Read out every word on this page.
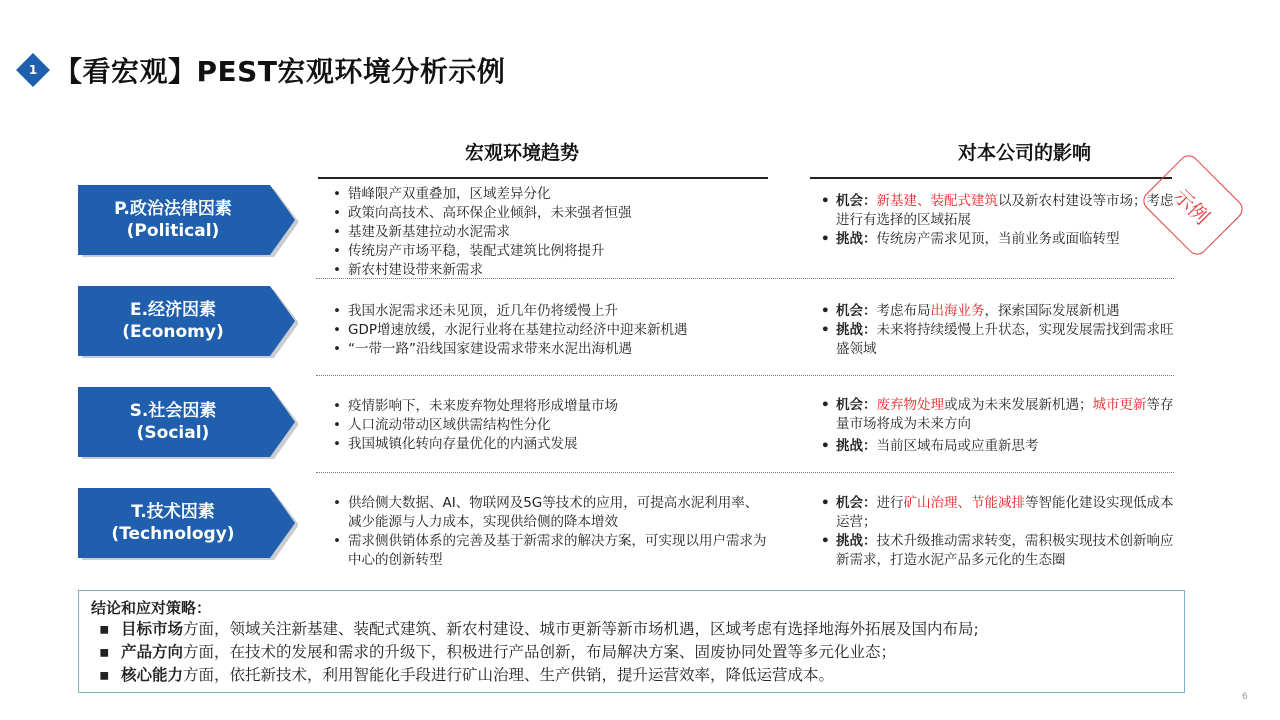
1 【看宏观】PEST宏观环境分析示例
宏观环境趋势	对本公司的影响
示例
P.政治法律因素
(Political)
E.经济因素
(Economy)
S.社会因素
(Social)
T.技术因素
(Technology)
• 错峰限产双重叠加，区域差异分化
• 政策向高技术、高环保企业倾斜，未来强者恒强
• 基建及新基建拉动水泥需求
• 传统房产市场平稳，装配式建筑比例将提升
• 新农村建设带来新需求
• 我国水泥需求还未见顶，近几年仍将缓慢上升
• GDP增速放缓，水泥行业将在基建拉动经济中迎来新机遇
• “一带一路”沿线国家建设需求带来水泥出海机遇
• 疫情影响下，未来废弃物处理将形成增量市场
• 人口流动带动区域供需结构性分化
• 我国城镇化转向存量优化的内涵式发展
• 供给侧大数据、AI、物联网及5G等技术的应用，可提高水泥利用率、减少能源与人力成本，实现供给侧的降本增效
• 需求侧供销体系的完善及基于新需求的解决方案，可实现以用户需求为中心的创新转型
• 机会：新基建、装配式建筑以及新农村建设等市场；考虑进行有选择的区域拓展
• 挑战：传统房产需求见顶，当前业务或面临转型
• 机会：考虑布局出海业务，探索国际发展新机遇
• 挑战：未来将持续缓慢上升状态，实现发展需找到需求旺盛领域
• 机会：废弃物处理或成为未来发展新机遇；城市更新等存量市场将成为未来方向
• 挑战：当前区域布局或应重新思考
• 机会：进行矿山治理、节能减排等智能化建设实现低成本运营；
• 挑战：技术升级推动需求转变，需积极实现技术创新响应新需求，打造水泥产品多元化的生态圈
结论和应对策略：
▪ 目标市场方面，领域关注新基建、装配式建筑、新农村建设、城市更新等新市场机遇，区域考虑有选择地海外拓展及国内布局;
▪ 产品方向方面，在技术的发展和需求的升级下，积极进行产品创新，布局解决方案、固废协同处置等多元化业态；
▪ 核心能力方面，依托新技术，利用智能化手段进行矿山治理、生产供销，提升运营效率，降低运营成本。
6
